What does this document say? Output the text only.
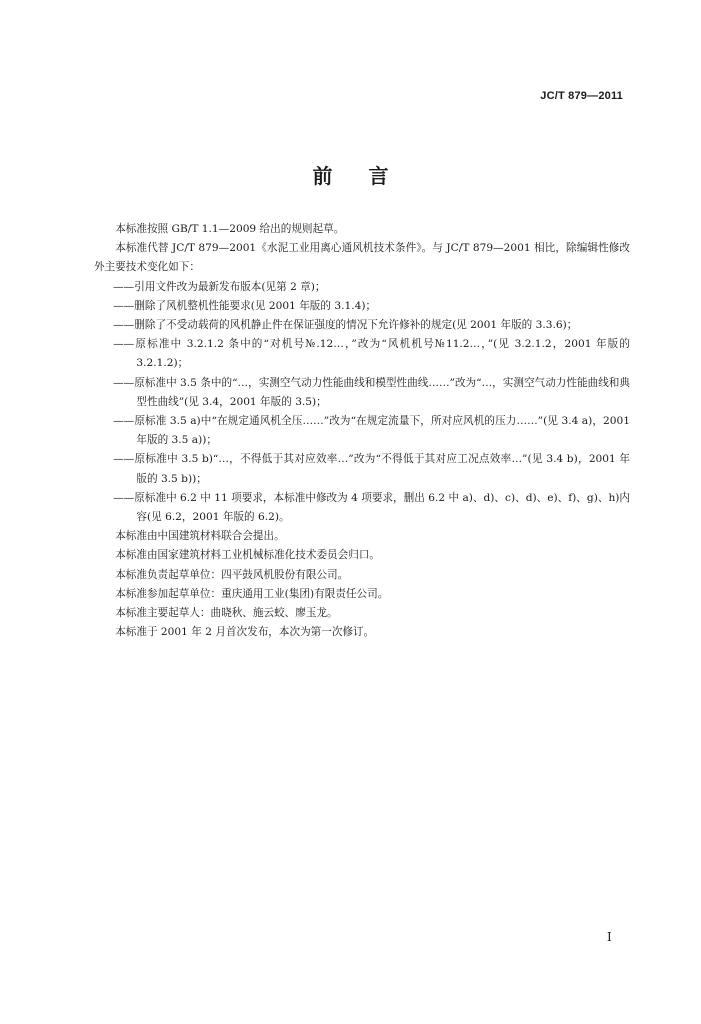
JC/T 879—2011
前言

本标准按照 GB/T 1.1—2009 给出的规则起草。

本标准代替 JC/T 879—2001《水泥工业用离心通风机技术条件》。与 JC/T 879—2001 相比，除编辑性修改外主要技术变化如下：

——引用文件改为最新发布版本(见第 2 章)；

——删除了风机整机性能要求(见 2001 年版的 3.1.4)；

——删除了不受动载荷的风机静止件在保证强度的情况下允许修补的规定(见 2001 年版的 3.3.6)；

——原标准中 3.2.1.2 条中的“对机号№.12…，”改为“风机机号№11.2…，”(见 3.2.1.2，2001 年版的 3.2.1.2)；

——原标准中 3.5 条中的“…，实测空气动力性能曲线和模型性曲线……”改为“…，实测空气动力性能曲线和典型性曲线”(见 3.4，2001 年版的 3.5)；

——原标准 3.5 a)中“在规定通风机全压……”改为“在规定流量下，所对应风机的压力……”(见 3.4 a)，2001 年版的 3.5 a))；

——原标准中 3.5 b)“…，不得低于其对应效率…”改为“不得低于其对应工况点效率…”(见 3.4 b)，2001 年版的 3.5 b))；

——原标准中 6.2 中 11 项要求，本标准中修改为 4 项要求，删出 6.2 中 a)、d)、c)、d)、e)、f)、g)、h)内容(见 6.2，2001 年版的 6.2)。

本标准由中国建筑材料联合会提出。

本标准由国家建筑材料工业机械标准化技术委员会归口。

本标准负责起草单位：四平鼓风机股份有限公司。

本标准参加起草单位：重庆通用工业(集团)有限责任公司。

本标准主要起草人：曲晓秋、施云蛟、廖玉龙。

本标准于 2001 年 2 月首次发布，本次为第一次修订。

I
